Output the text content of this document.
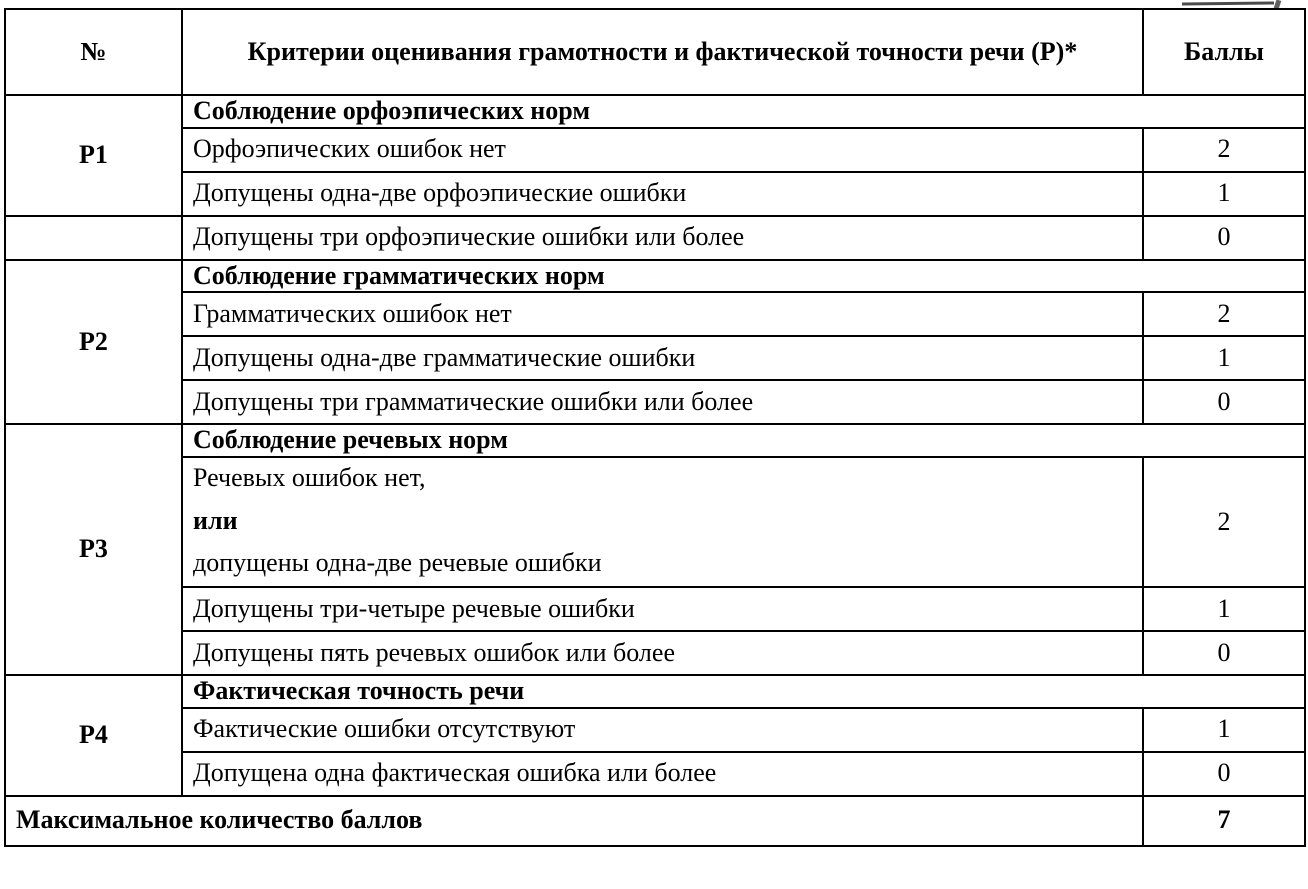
№	Критерии оценивания грамотности и фактической точности речи (Р)*	Баллы
Р1	Соблюдение орфоэпических норм	
	Орфоэпических ошибок нет	2
	Допущены одна-две орфоэпические ошибки	1
	Допущены три орфоэпические ошибки или более	0
Р2	Соблюдение грамматических норм	
	Грамматических ошибок нет	2
	Допущены одна-две грамматические ошибки	1
	Допущены три грамматические ошибки или более	0
Р3	Соблюдение речевых норм	

	Речевых ошибок нет,

или

допущены одна-две речевые ошибки	2
	Допущены три-четыре речевые ошибки	1
	Допущены пять речевых ошибок или более	0
Р4	Фактическая точность речи	
	Фактические ошибки отсутствуют	1
	Допущена одна фактическая ошибка или более	0
Максимальное количество баллов		7
